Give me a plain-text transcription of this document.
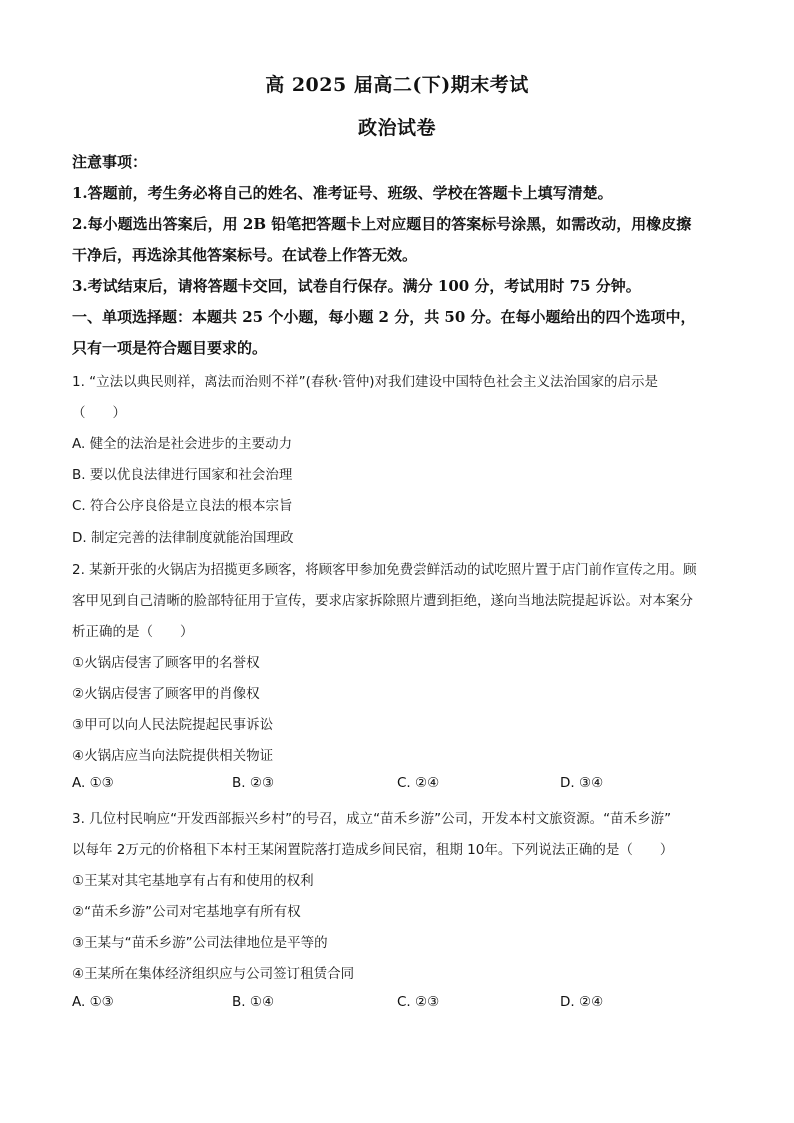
高 2025 届高二(下)期末考试
政治试卷
注意事项：
1.答题前，考生务必将自己的姓名、准考证号、班级、学校在答题卡上填写清楚。
2.每小题选出答案后，用 2B 铅笔把答题卡上对应题目的答案标号涂黑，如需改动，用橡皮擦
干净后，再选涂其他答案标号。在试卷上作答无效。
3.考试结束后，请将答题卡交回，试卷自行保存。满分 100 分，考试用时 75 分钟。
一、单项选择题：本题共 25 个小题，每小题 2 分，共 50 分。在每小题给出的四个选项中，
只有一项是符合题目要求的。
1. “立法以典民则祥，离法而治则不祥”(春秋·管仲)对我们建设中国特色社会主义法治国家的启示是
（　　）
A. 健全的法治是社会进步的主要动力
B. 要以优良法律进行国家和社会治理
C. 符合公序良俗是立良法的根本宗旨
D. 制定完善的法律制度就能治国理政
2. 某新开张的火锅店为招揽更多顾客，将顾客甲参加免费尝鲜活动的试吃照片置于店门前作宣传之用。顾
客甲见到自己清晰的脸部特征用于宣传，要求店家拆除照片遭到拒绝，遂向当地法院提起诉讼。对本案分
析正确的是（　　）
①火锅店侵害了顾客甲的名誉权
②火锅店侵害了顾客甲的肖像权
③甲可以向人民法院提起民事诉讼
④火锅店应当向法院提供相关物证
A. ①③	B. ②③	C. ②④	D. ③④
3. 几位村民响应“开发西部振兴乡村”的号召，成立“苗禾乡游”公司，开发本村文旅资源。“苗禾乡游”
以每年 2万元的价格租下本村王某闲置院落打造成乡间民宿，租期 10年。下列说法正确的是（　　）
①王某对其宅基地享有占有和使用的权利
②“苗禾乡游”公司对宅基地享有所有权
③王某与“苗禾乡游”公司法律地位是平等的
④王某所在集体经济组织应与公司签订租赁合同
A. ①③	B. ①④	C. ②③	D. ②④
